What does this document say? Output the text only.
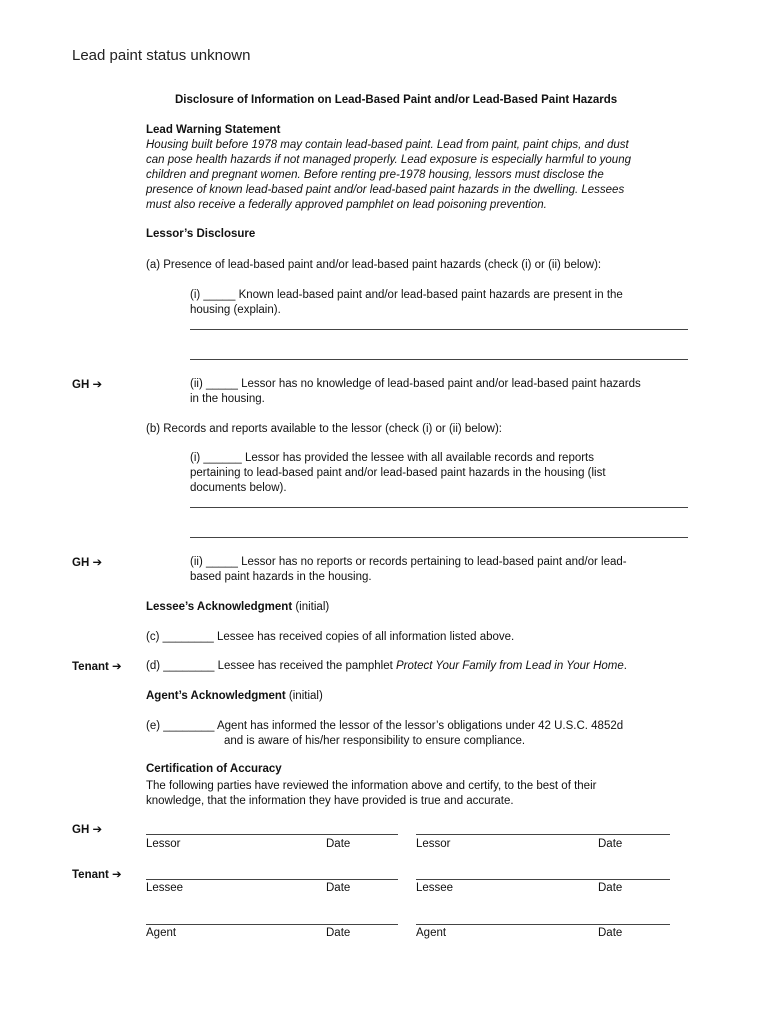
Lead paint status unknown
Disclosure of Information on Lead-Based Paint and/or Lead-Based Paint Hazards
Lead Warning Statement
Housing built before 1978 may contain lead-based paint. Lead from paint, paint chips, and dust
can pose health hazards if not managed properly. Lead exposure is especially harmful to young
children and pregnant women. Before renting pre-1978 housing, lessors must disclose the
presence of known lead-based paint and/or lead-based paint hazards in the dwelling. Lessees
must also receive a federally approved pamphlet on lead poisoning prevention.
Lessor’s Disclosure
(a) Presence of lead-based paint and/or lead-based paint hazards (check (i) or (ii) below):
(i) _____ Known lead-based paint and/or lead-based paint hazards are present in the
housing (explain).
GH ➔	(ii) _____ Lessor has no knowledge of lead-based paint and/or lead-based paint hazards
in the housing.
(b) Records and reports available to the lessor (check (i) or (ii) below):
(i) ______ Lessor has provided the lessee with all available records and reports
pertaining to lead-based paint and/or lead-based paint hazards in the housing (list
documents below).
GH ➔	(ii) _____ Lessor has no reports or records pertaining to lead-based paint and/or lead-
based paint hazards in the housing.
Lessee’s Acknowledgment (initial)
(c) ________ Lessee has received copies of all information listed above.
Tenant ➔ (d) ________ Lessee has received the pamphlet Protect Your Family from Lead in Your Home.
Agent’s Acknowledgment (initial)
(e) ________ Agent has informed the lessor of the lessor’s obligations under 42 U.S.C. 4852d
and is aware of his/her responsibility to ensure compliance.
Certification of Accuracy
The following parties have reviewed the information above and certify, to the best of their
knowledge, that the information they have provided is true and accurate.
GH ➔
Lessor	Date	Lessor	Date
Tenant ➔
Lessee	Date	Lessee	Date
Agent	Date	Agent	Date
